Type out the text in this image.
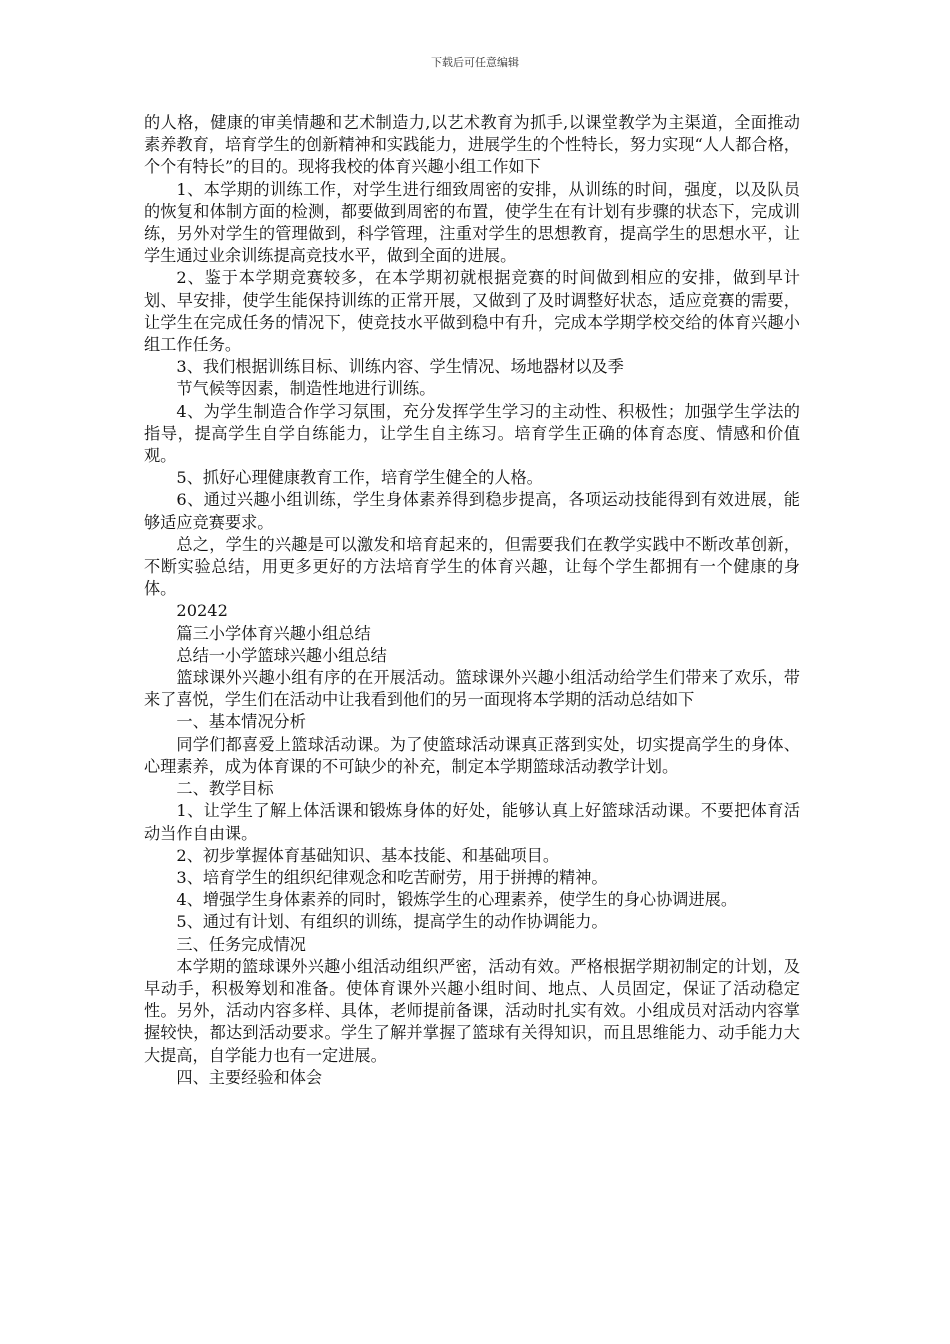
下载后可任意编辑

的人格，健康的审美情趣和艺术制造力,以艺术教育为抓手,以课堂教学为主渠道，全面推动素养教育，培育学生的创新精神和实践能力，进展学生的个性特长，努力实现“人人都合格，个个有特长”的目的。现将我校的体育兴趣小组工作如下

1、本学期的训练工作，对学生进行细致周密的安排，从训练的时间，强度，以及队员的恢复和体制方面的检测，都要做到周密的布置，使学生在有计划有步骤的状态下，完成训练，另外对学生的管理做到，科学管理，注重对学生的思想教育，提高学生的思想水平，让学生通过业余训练提高竞技水平，做到全面的进展。

2、鉴于本学期竞赛较多，在本学期初就根据竞赛的时间做到相应的安排，做到早计划、早安排，使学生能保持训练的正常开展，又做到了及时调整好状态，适应竞赛的需要，让学生在完成任务的情况下，使竞技水平做到稳中有升，完成本学期学校交给的体育兴趣小组工作任务。

3、我们根据训练目标、训练内容、学生情况、场地器材以及季

节气候等因素，制造性地进行训练。

4、为学生制造合作学习氛围，充分发挥学生学习的主动性、积极性；加强学生学法的指导，提高学生自学自练能力，让学生自主练习。培育学生正确的体育态度、情感和价值观。

5、抓好心理健康教育工作，培育学生健全的人格。

6、通过兴趣小组训练，学生身体素养得到稳步提高，各项运动技能得到有效进展，能够适应竞赛要求。

总之，学生的兴趣是可以激发和培育起来的，但需要我们在教学实践中不断改革创新，不断实验总结，用更多更好的方法培育学生的体育兴趣，让每个学生都拥有一个健康的身体。

20242

篇三小学体育兴趣小组总结

总结一小学篮球兴趣小组总结

篮球课外兴趣小组有序的在开展活动。篮球课外兴趣小组活动给学生们带来了欢乐，带来了喜悦，学生们在活动中让我看到他们的另一面现将本学期的活动总结如下

一、基本情况分析

同学们都喜爱上篮球活动课。为了使篮球活动课真正落到实处，切实提高学生的身体、心理素养，成为体育课的不可缺少的补充，制定本学期篮球活动教学计划。

二、教学目标

1、让学生了解上体活课和锻炼身体的好处，能够认真上好篮球活动课。不要把体育活动当作自由课。

2、初步掌握体育基础知识、基本技能、和基础项目。

3、培育学生的组织纪律观念和吃苦耐劳，用于拼搏的精神。

4、增强学生身体素养的同时，锻炼学生的心理素养，使学生的身心协调进展。

5、通过有计划、有组织的训练，提高学生的动作协调能力。

三、任务完成情况

本学期的篮球课外兴趣小组活动组织严密，活动有效。严格根据学期初制定的计划，及早动手，积极筹划和准备。使体育课外兴趣小组时间、地点、人员固定，保证了活动稳定性。另外，活动内容多样、具体，老师提前备课，活动时扎实有效。小组成员对活动内容掌握较快，都达到活动要求。学生了解并掌握了篮球有关得知识，而且思维能力、动手能力大大提高，自学能力也有一定进展。

四、主要经验和体会
